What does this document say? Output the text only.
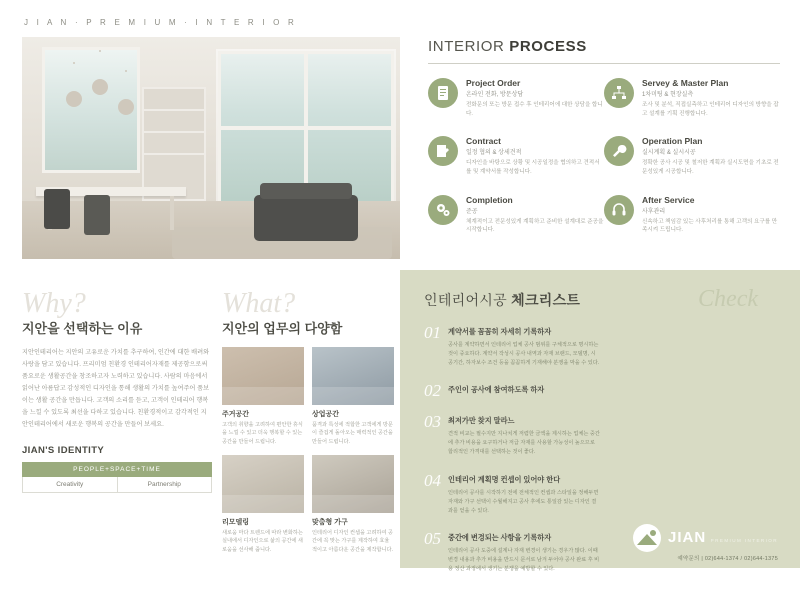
J I A N · P R E M I U M · I N T E R I O R
INTERIOR PROCESS

Project Order

온라인 전화, 방문상담

전화문의 또는 방문 접수 후 인테리어에 대한 상담을 합니다.

Servey & Master Plan

1차미팅 & 현장실측

조사 및 분석, 직접실측하고 인테리어 디자인의 방향을 잡고 설계를 기획 진행합니다.

Contract

일정 협의 & 상세견적

디자인을 바탕으로 상황 및 시공일정을 협의하고 견적서를 및 계약서를 작성합니다.

Operation Plan

실시계획 & 실시시공

정확한 공사 시공 및 철저한 계획과 실시도면을 기초로 전문성있게 시공합니다.

Completion

준공

체계적이고 전문성있게 계획하고 준비한 설계대로 준공을 시작합니다.

After Service

사후관리

신속하고 책임감 있는 사후처리를 통해 고객의 요구를 만족시켜 드립니다.

Why?

지안을 선택하는 이유

지안인테리어는 지안의 고유로운 가치를 추구하여, 인간에 대한 배려와 사랑을 담고 있습니다. 프리미엄 친환경 인테리어자재를 제공함으로써 품요로운 생활공간을 창조하고자 노력하고 있습니다. 사람의 마음에서 읽어난 아름답고 감성적인 디자인을 통해 생활의 가치를 높여주어 품보이는 생활 공간을 만듭니다. 고객의 소리를 듣고, 고객이 인테리어 행복을 느낄 수 있도록 최선을 다하고 있습니다. 친환경적이고 감각적인 지안인테리어에서 새로운 행복의 공간을 만들어 보세요.

JIAN'S IDENTITY
PEOPLE+SPACE+TIME
Creativity	Partnership

What?

지안의 업무의 다양함
주거공간

고객의 취향을 고려하여 편안한 휴식을 느낄 수 있고 더욱 행복할 수 있는 공간을 만들어 드립니다.

상업공간

품격과 특성에 적합한 고객에게 방문이 즐겁게 돌아오는 매력적인 공간을 만들어 드립니다.

리모델링

새로움 마다 트렌드에 따라 변화하는 실내에서 디자인으로 삶의 공간에 새로움을 선사해 줍니다.

맞춤형 가구

인테리어 디자인 컨셉을 고려하여 공간에 꼭 맞는 가구를 제작하여 효율적이고 아름다운 공간을 제작합니다.

인테리어시공 체크리스트	Check
01 계약서를 꼼꼼히 자세히 기록하자

공사를 계약하면서 인테리어 업체 공사 범위를 구체적으로 명시하는 것이 중요하다. 계약서 작성시 공사 내역과 자재 브랜드, 모델명, 시공기간, 하자보수 조건 등을 꼼꼼하게 기재해야 분쟁을 막을 수 있다.

02 주인이 공사에 참여하도록 하자

03 최저가만 찾지 말라느

견적 비교는 필수지만 지나치게 저렴한 금액을 제시하는 업체는 중간에 추가 비용을 요구하거나 저급 자재를 사용할 가능성이 높으므로 합리적인 가격대를 선택하는 것이 좋다.

04 인테리어 계획명 컨셉이 있어야 한다

인테리어 공사를 시작하기 전에 전체적인 컨셉과 스타일을 정해두면 자재와 가구 선택이 수월해지고 공사 후에도 통일감 있는 디자인 결과를 얻을 수 있다.

05 중간에 변경되는 사항을 기록하자

인테리어 공사 도중에 설계나 자재 변경이 생기는 경우가 많다. 이때 변경 내용과 추가 비용을 반드시 문서로 남겨 두어야 공사 완료 후 비용 정산 과정에서 생기는 분쟁을 예방할 수 있다.

JIAN PREMIUM INTERIOR
예약문의 | 02)644-1374 / 02)644-1375
